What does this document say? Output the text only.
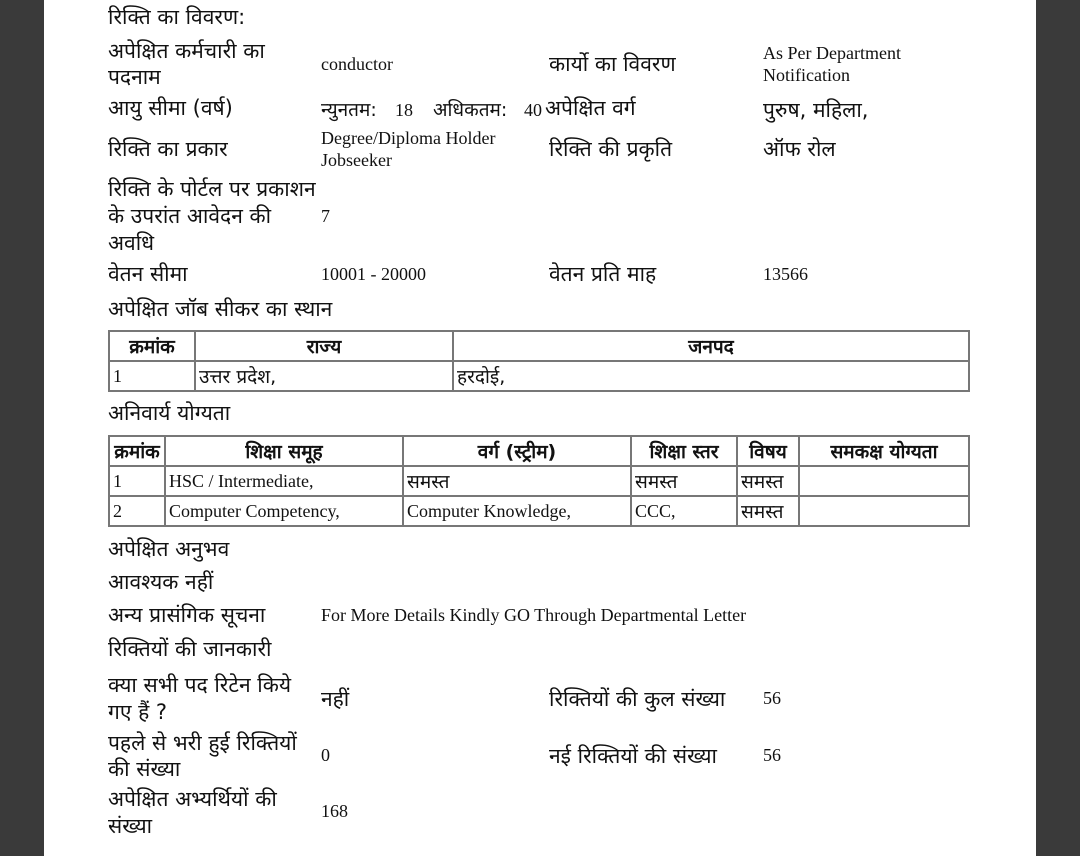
रिक्ति का विवरण:
अपेक्षित कर्मचारी का पदनाम
conductor	कार्यो का विवरण	As Per Department Notification
आयु सीमा (वर्ष)	न्युनतम: 18 अधिकतम: 40 अपेक्षित वर्ग	पुरुष, महिला,
रिक्ति का प्रकार	Degree/Diploma Holder Jobseeker	रिक्ति की प्रकृति	ऑफ रोल
रिक्ति के पोर्टल पर प्रकाशन
के उपरांत आवेदन की
अवधि
7
वेतन सीमा	10001 - 20000	वेतन प्रति माह	13566
अपेक्षित जॉब सीकर का स्थान
क्रमांक	राज्य	जनपद
1	उत्तर प्रदेश,	हरदोई,
अनिवार्य योग्यता
क्रमांक	शिक्षा समूह	वर्ग (स्ट्रीम)	शिक्षा स्तर	विषय	समकक्ष योग्यता
1	HSC / Intermediate,	समस्त	समस्त	समस्त	
2	Computer Competency,	Computer Knowledge,	CCC,	समस्त	
अपेक्षित अनुभव
आवश्यक नहीं
अन्य प्रासंगिक सूचना	For More Details Kindly GO Through Departmental Letter
रिक्तियों की जानकारी
क्या सभी पद रिटेन किये
गए हैं ?
नहीं	रिक्तियों की कुल संख्या 56
पहले से भरी हुई रिक्तियों
की संख्या
0	नई रिक्तियों की संख्या	56
अपेक्षित अभ्यर्थियों की
संख्या
168
